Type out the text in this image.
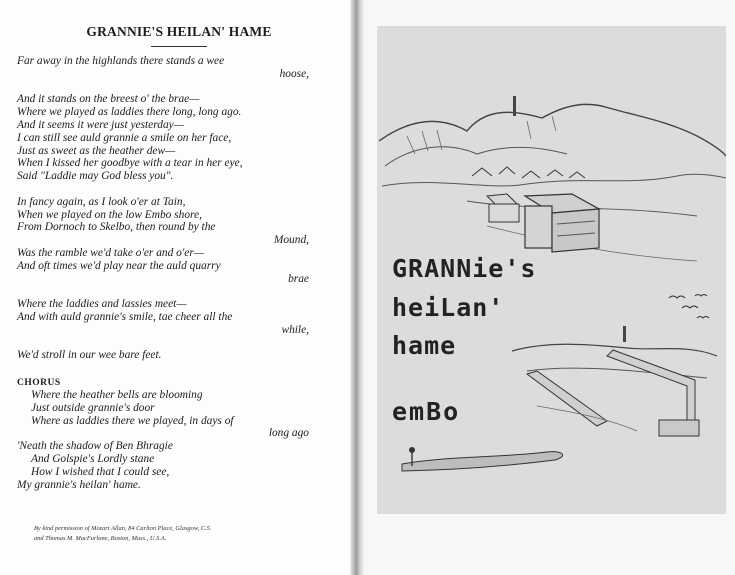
GRANNIE'S HEILAN' HAME
Far away in the highlands there stands a wee
hoose,
And it stands on the breest o' the brae—
Where we played as laddies there long, long ago.
And it seems it were just yesterday—
I can still see auld grannie a smile on her face,
Just as sweet as the heather dew—
When I kissed her goodbye with a tear in her eye,
Said "Laddie may God bless you".
In fancy again, as I look o'er at Tain,
When we played on the low Embo shore,
From Dornoch to Skelbo, then round by the
Mound,
Was the ramble we'd take o'er and o'er—
And oft times we'd play near the auld quarry
brae
Where the laddies and lassies meet—
And with auld grannie's smile, tae cheer all the
while,
We'd stroll in our wee bare feet.
CHORUS
Where the heather bells are blooming
Just outside grannie's door
Where as laddies there we played, in days of
long ago
'Neath the shadow of Ben Bhragie
And Golspie's Lordly stane
How I wished that I could see,
My grannie's heilan' hame.
By kind permission of Mozart Allan, 84 Carlton Place, Glasgow, C.5.
and Thomas M. MacFarlane, Boston, Mass., U.S.A.
GRANNie's
heiLan'
hame
emBo
